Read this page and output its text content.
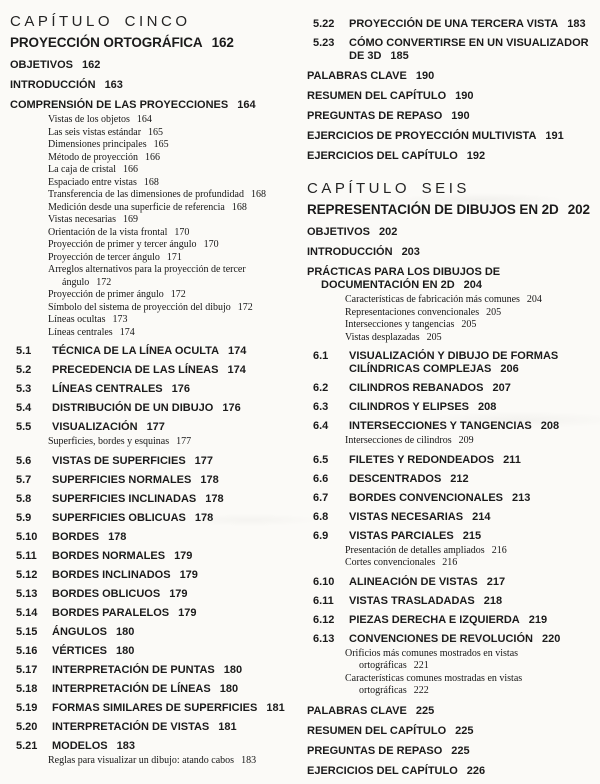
CAPÍTULO CINCO
PROYECCIÓN ORTOGRÁFICA 162
OBJETIVOS 162
INTRODUCCIÓN 163
COMPRENSIÓN DE LAS PROYECCIONES 164
Vistas de los objetos 164
Las seis vistas estándar 165
Dimensiones principales 165
Método de proyección 166
La caja de cristal 166
Espaciado entre vistas 168
Transferencia de las dimensiones de profundidad 168
Medición desde una superficie de referencia 168
Vistas necesarias 169
Orientación de la vista frontal 170
Proyección de primer y tercer ángulo 170
Proyección de tercer ángulo 171
Arreglos alternativos para la proyección de tercer ángulo 172
Proyección de primer ángulo 172
Símbolo del sistema de proyección del dibujo 172
Líneas ocultas 173
Líneas centrales 174
5.1	TÉCNICA DE LA LÍNEA OCULTA 174
5.2	PRECEDENCIA DE LAS LÍNEAS 174
5.3	LÍNEAS CENTRALES 176
5.4	DISTRIBUCIÓN DE UN DIBUJO 176
5.5	VISUALIZACIÓN 177
Superficies, bordes y esquinas 177
5.6	VISTAS DE SUPERFICIES 177
5.7	SUPERFICIES NORMALES 178
5.8	SUPERFICIES INCLINADAS 178
5.9	SUPERFICIES OBLICUAS 178
5.10	BORDES 178
5.11	BORDES NORMALES 179
5.12	BORDES INCLINADOS 179
5.13	BORDES OBLICUOS 179
5.14	BORDES PARALELOS 179
5.15	ÁNGULOS 180
5.16	VÉRTICES 180
5.17	INTERPRETACIÓN DE PUNTAS 180
5.18	INTERPRETACIÓN DE LÍNEAS 180
5.19	FORMAS SIMILARES DE SUPERFICIES 181
5.20	INTERPRETACIÓN DE VISTAS 181
5.21	MODELOS 183
Reglas para visualizar un dibujo: atando cabos 183
5.22	PROYECCIÓN DE UNA TERCERA VISTA 183
5.23	CÓMO CONVERTIRSE EN UN VISUALIZADOR DE 3D 185
PALABRAS CLAVE 190
RESUMEN DEL CAPÍTULO 190
PREGUNTAS DE REPASO 190
EJERCICIOS DE PROYECCIÓN MULTIVISTA 191
EJERCICIOS DEL CAPÍTULO 192
CAPÍTULO SEIS
REPRESENTACIÓN DE DIBUJOS EN 2D 202
OBJETIVOS 202
INTRODUCCIÓN 203
PRÁCTICAS PARA LOS DIBUJOS DE DOCUMENTACIÓN EN 2D 204
Características de fabricación más comunes 204
Representaciones convencionales 205
Intersecciones y tangencias 205
Vistas desplazadas 205
6.1	VISUALIZACIÓN Y DIBUJO DE FORMAS CILÍNDRICAS COMPLEJAS 206
6.2	CILINDROS REBANADOS 207
6.3	CILINDROS Y ELIPSES 208
6.4	INTERSECCIONES Y TANGENCIAS 208
Intersecciones de cilindros 209
6.5	FILETES Y REDONDEADOS 211
6.6	DESCENTRADOS 212
6.7	BORDES CONVENCIONALES 213
6.8	VISTAS NECESARIAS 214
6.9	VISTAS PARCIALES 215
Presentación de detalles ampliados 216
Cortes convencionales 216
6.10	ALINEACIÓN DE VISTAS 217
6.11	VISTAS TRASLADADAS 218
6.12	PIEZAS DERECHA E IZQUIERDA 219
6.13	CONVENCIONES DE REVOLUCIÓN 220
Orificios más comunes mostrados en vistas ortográficas 221
Características comunes mostradas en vistas ortográficas 222
PALABRAS CLAVE 225
RESUMEN DEL CAPÍTULO 225
PREGUNTAS DE REPASO 225
EJERCICIOS DEL CAPÍTULO 226
